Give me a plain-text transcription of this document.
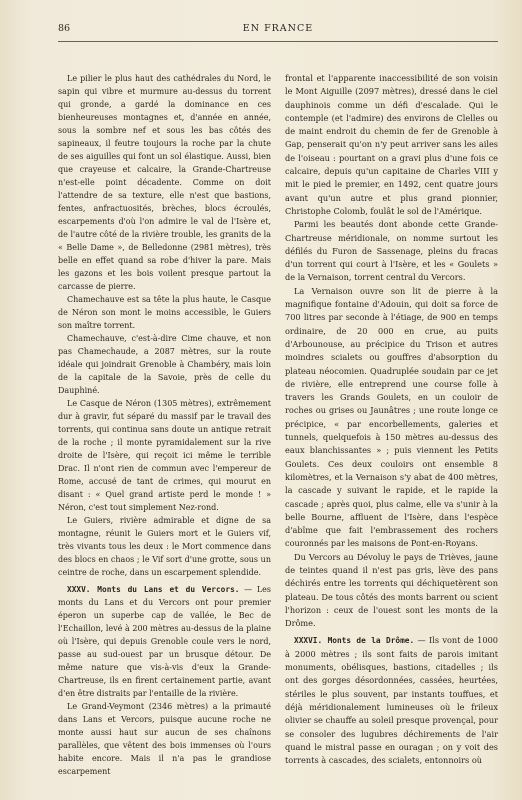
86	EN FRANCE

Le pilier le plus haut des cathédrales du Nord, le sapin qui vibre et murmure au-dessus du torrent qui gronde, a gardé la dominance en ces bienheureuses montagnes et, d'année en année, sous la sombre nef et sous les bas côtés des sapineaux, il feutre toujours la roche par la chute de ses aiguilles qui font un sol élastique. Aussi, bien que crayeuse et calcaire, la Grande-Chartreuse n'est-elle point décadente. Comme on doit l'attendre de sa texture, elle n'est que bastions, fentes, anfractuosités, brèches, blocs écroulés, escarpements d'où l'on admire le val de l'Isère et, de l'autre côté de la rivière trouble, les granits de la « Belle Dame », de Belledonne (2981 mètres), très belle en effet quand sa robe d'hiver la pare. Mais les gazons et les bois voilent presque partout la carcasse de pierre.

Chamechauve est sa tête la plus haute, le Casque de Néron son mont le moins accessible, le Guiers son maître torrent.

Chamechauve, c'est-à-dire Cime chauve, et non pas Chamechaude, a 2087 mètres, sur la route idéale qui joindrait Grenoble à Chambéry, mais loin de la capitale de la Savoie, près de celle du Dauphiné.

Le Casque de Néron (1305 mètres), extrêmement dur à gravir, fut séparé du massif par le travail des torrents, qui continua sans doute un antique retrait de la roche ; il monte pyramidalement sur la rive droite de l'Isère, qui reçoit ici même le terrible Drac. Il n'ont rien de commun avec l'empereur de Rome, accusé de tant de crimes, qui mourut en disant : « Quel grand artiste perd le monde ! » Néron, c'est tout simplement Nez-rond.

Le Guiers, rivière admirable et digne de sa montagne, réunit le Guiers mort et le Guiers vif, très vivants tous les deux : le Mort commence dans des blocs en chaos ; le Vif sort d'une grotte, sous un ceintre de roche, dans un escarpement splendide.

XXXV. Monts du Lans et du Vercors. — Les monts du Lans et du Vercors ont pour premier éperon un superbe cap de vallée, le Bec de l'Echaillon, levé à 200 mètres au-dessus de la plaine où l'Isère, qui depuis Grenoble coule vers le nord, passe au sud-ouest par un brusque détour. De même nature que vis-à-vis d'eux la Grande-Chartreuse, ils en firent certainement partie, avant d'en être distraits par l'entaille de la rivière.

Le Grand-Veymont (2346 mètres) a la primauté dans Lans et Vercors, puisque aucune roche ne monte aussi haut sur aucun de ses chaînons parallèles, que vêtent des bois immenses où l'ours habite encore. Mais il n'a pas le grandiose escarpement

frontal et l'apparente inaccessibilité de son voisin le Mont Aiguille (2097 mètres), dressé dans le ciel dauphinois comme un défi d'escalade. Qui le contemple (et l'admire) des environs de Clelles ou de maint endroit du chemin de fer de Grenoble à Gap, penserait qu'on n'y peut arriver sans les ailes de l'oiseau : pourtant on a gravi plus d'une fois ce calcaire, depuis qu'un capitaine de Charles VIII y mit le pied le premier, en 1492, cent quatre jours avant qu'un autre et plus grand pionnier, Christophe Colomb, foulât le sol de l'Amérique.

Parmi les beautés dont abonde cette Grande-Chartreuse méridionale, on nomme surtout les défilés du Furon de Sassenage, pleins du fracas d'un torrent qui court à l'Isère, et les « Goulets » de la Vernaison, torrent central du Vercors.

La Vernaison ouvre son lit de pierre à la magnifique fontaine d'Adouin, qui doit sa force de 700 litres par seconde à l'étiage, de 900 en temps ordinaire, de 20 000 en crue, au puits d'Arbounouse, au précipice du Trison et autres moindres scialets ou gouffres d'absorption du plateau néocomien. Quadruplée soudain par ce jet de rivière, elle entreprend une course folle à travers les Grands Goulets, en un couloir de roches ou grises ou Jaunâtres ; une route longe ce précipice, « par encorbellements, galeries et tunnels, quelquefois à 150 mètres au-dessus des eaux blanchissantes » ; puis viennent les Petits Goulets. Ces deux couloirs ont ensemble 8 kilomètres, et la Vernaison s'y abat de 400 mètres, la cascade y suivant le rapide, et le rapide la cascade ; après quoi, plus calme, elle va s'unir à la belle Bourne, affluent de l'Isère, dans l'espèce d'abîme que fait l'embrassement des rochers couronnés par les maisons de Pont-en-Royans.

Du Vercors au Dévoluy le pays de Trièves, jaune de teintes quand il n'est pas gris, lève des pans déchirés entre les torrents qui déchiquetèrent son plateau. De tous côtés des monts barrent ou scient l'horizon : ceux de l'ouest sont les monts de la Drôme.

XXXVI. Monts de la Drôme. — Ils vont de 1000 à 2000 mètres ; ils sont faits de parois imitant monuments, obélisques, bastions, citadelles ; ils ont des gorges désordonnées, cassées, heurtées, stériles le plus souvent, par instants touffues, et déjà méridionalement lumineuses où le frileux olivier se chauffe au soleil presque provençal, pour se consoler des lugubres déchirements de l'air quand le mistral passe en ouragan ; on y voit des torrents à cascades, des scialets, entonnoirs où
